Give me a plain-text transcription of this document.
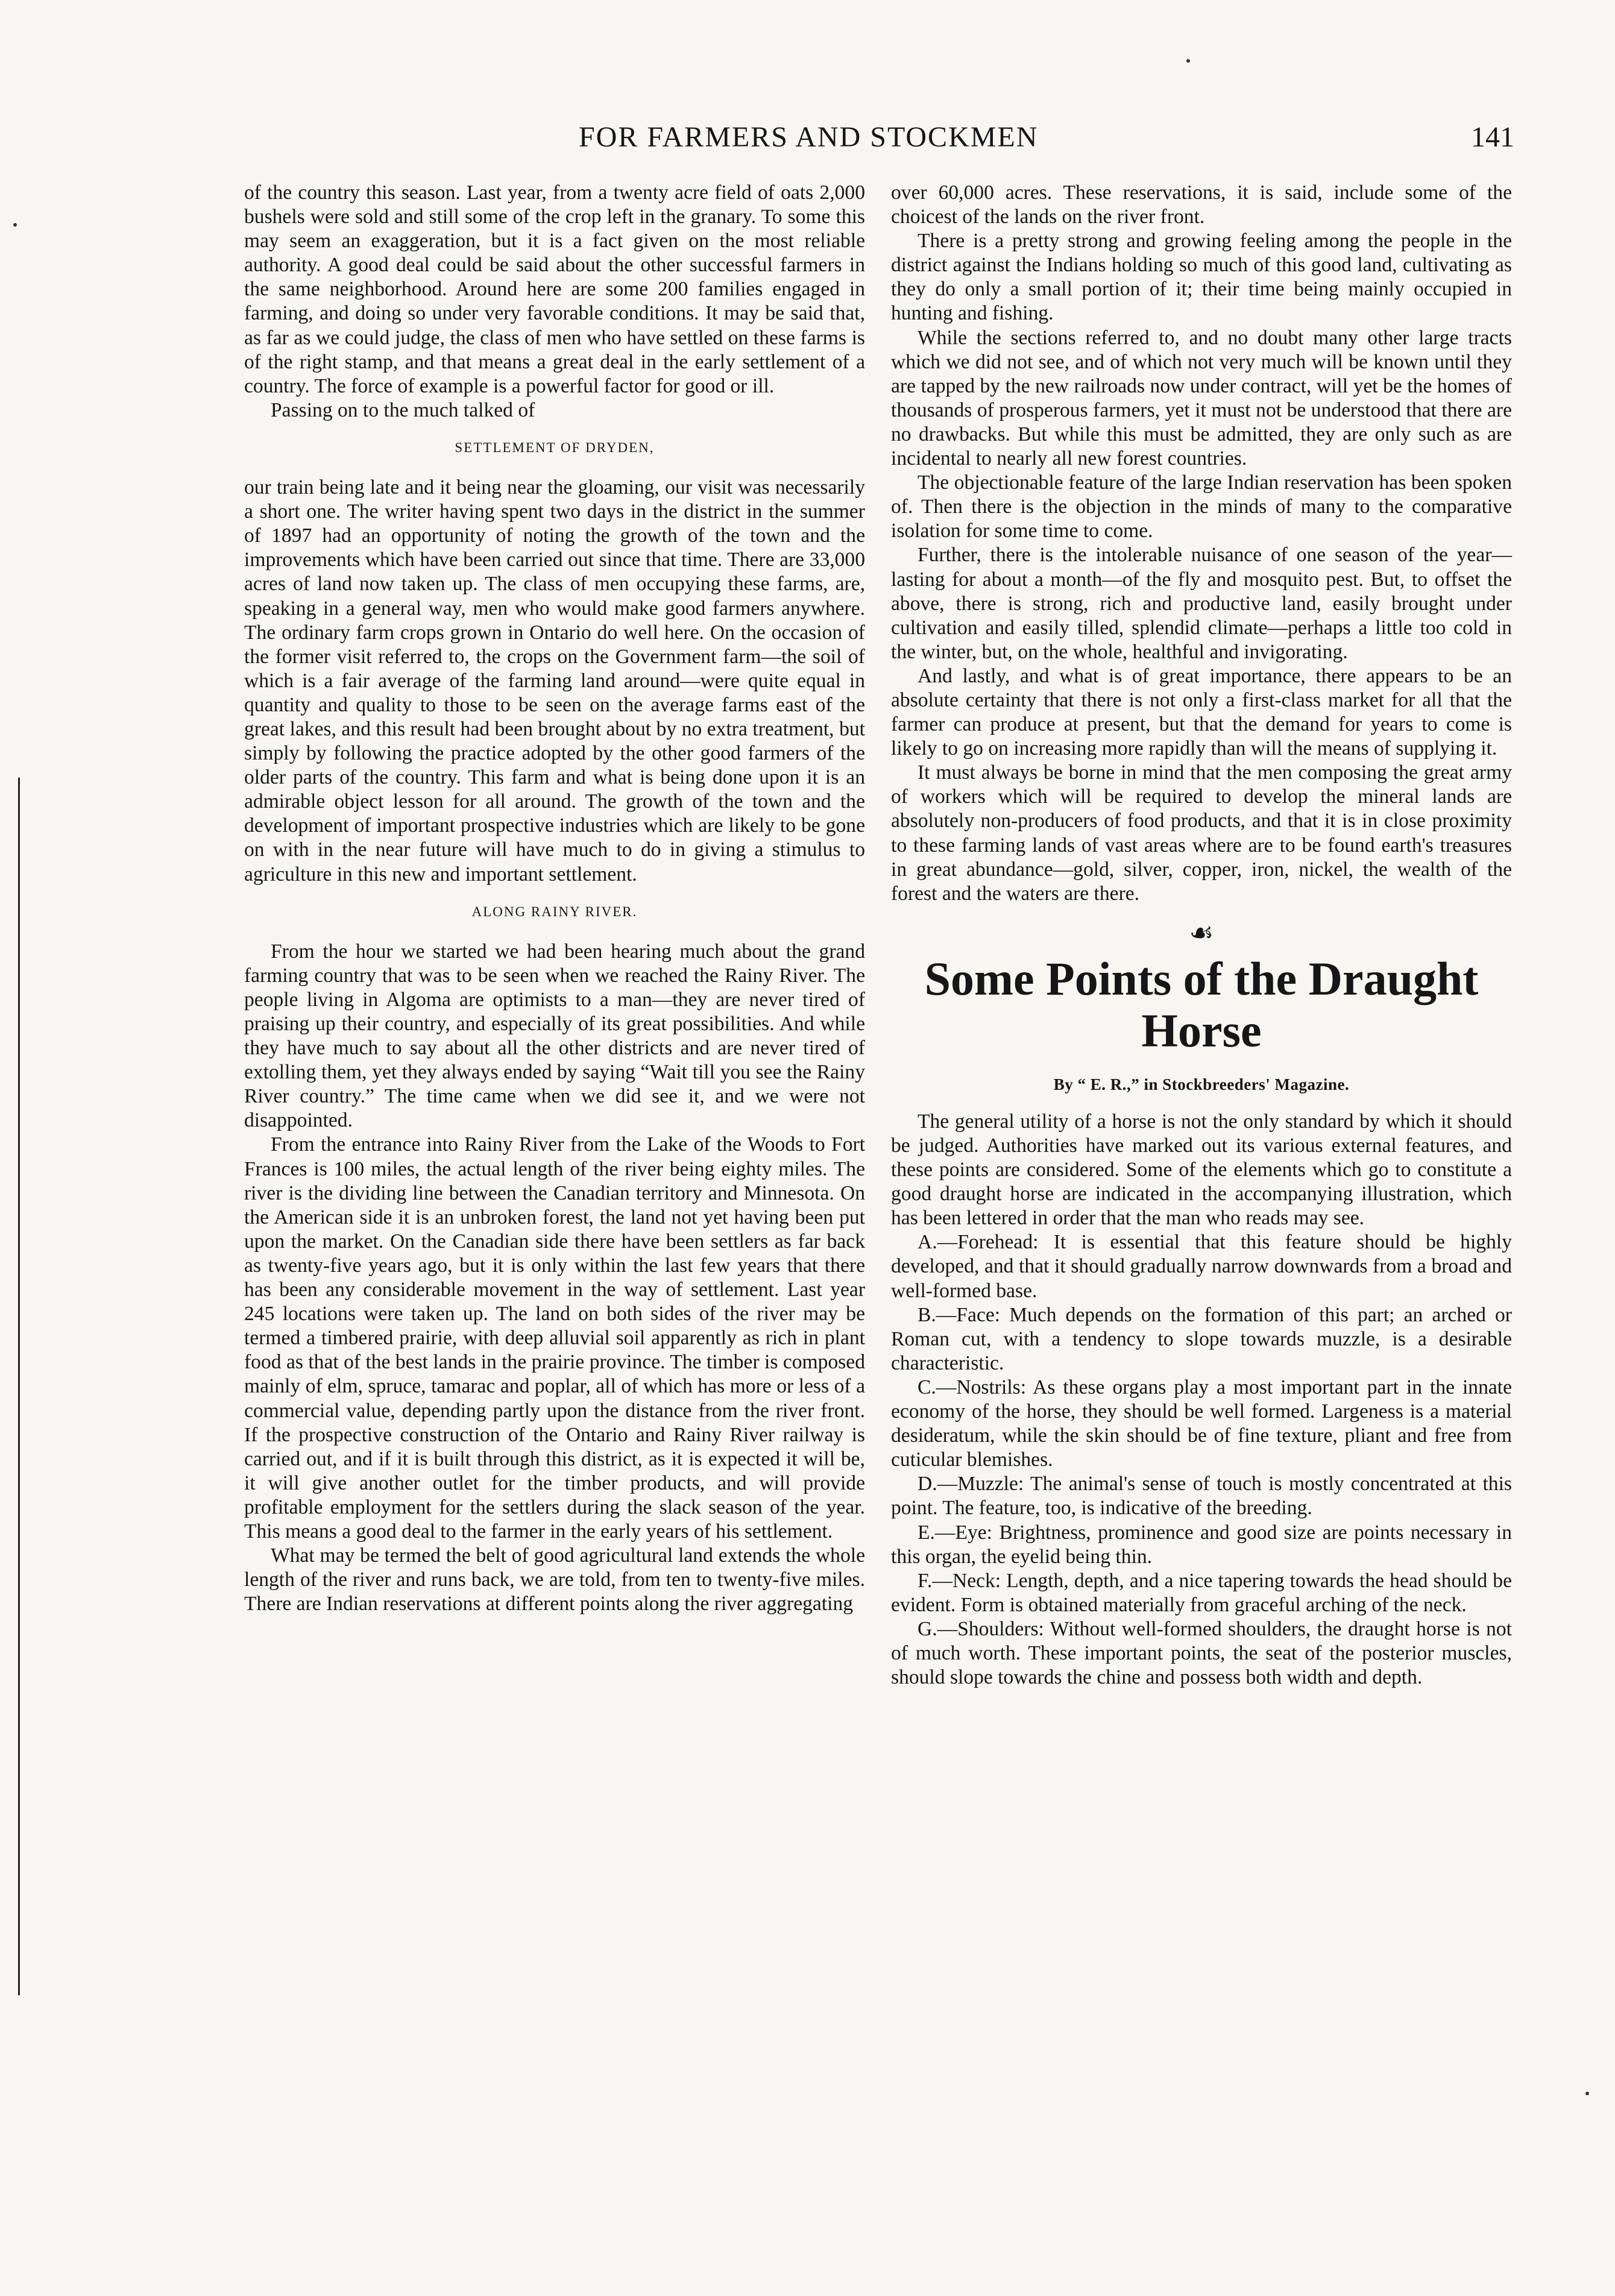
FOR FARMERS AND STOCKMEN	141

of the country this season. Last year, from a twenty acre field of oats 2,000 bushels were sold and still some of the crop left in the granary. To some this may seem an exaggeration, but it is a fact given on the most reliable authority. A good deal could be said about the other successful farmers in the same neighborhood. Around here are some 200 families engaged in farming, and doing so under very favorable conditions. It may be said that, as far as we could judge, the class of men who have settled on these farms is of the right stamp, and that means a great deal in the early settlement of a country. The force of example is a powerful factor for good or ill.

Passing on to the much talked of

SETTLEMENT OF DRYDEN,

our train being late and it being near the gloaming, our visit was necessarily a short one. The writer having spent two days in the district in the summer of 1897 had an opportunity of noting the growth of the town and the improvements which have been carried out since that time. There are 33,000 acres of land now taken up. The class of men occupying these farms, are, speaking in a general way, men who would make good farmers anywhere. The ordinary farm crops grown in Ontario do well here. On the occasion of the former visit referred to, the crops on the Government farm—the soil of which is a fair average of the farming land around—were quite equal in quantity and quality to those to be seen on the average farms east of the great lakes, and this result had been brought about by no extra treatment, but simply by following the practice adopted by the other good farmers of the older parts of the country. This farm and what is being done upon it is an admirable object lesson for all around. The growth of the town and the development of important prospective industries which are likely to be gone on with in the near future will have much to do in giving a stimulus to agriculture in this new and important settlement.

ALONG RAINY RIVER.

From the hour we started we had been hearing much about the grand farming country that was to be seen when we reached the Rainy River. The people living in Algoma are optimists to a man—they are never tired of praising up their country, and especially of its great possibilities. And while they have much to say about all the other districts and are never tired of extolling them, yet they always ended by saying “Wait till you see the Rainy River country.” The time came when we did see it, and we were not disappointed.

From the entrance into Rainy River from the Lake of the Woods to Fort Frances is 100 miles, the actual length of the river being eighty miles. The river is the dividing line between the Canadian territory and Minnesota. On the American side it is an unbroken forest, the land not yet having been put upon the market. On the Canadian side there have been settlers as far back as twenty-five years ago, but it is only within the last few years that there has been any considerable movement in the way of settlement. Last year 245 locations were taken up. The land on both sides of the river may be termed a timbered prairie, with deep alluvial soil apparently as rich in plant food as that of the best lands in the prairie province. The timber is composed mainly of elm, spruce, tamarac and poplar, all of which has more or less of a commercial value, depending partly upon the distance from the river front. If the prospective construction of the Ontario and Rainy River railway is carried out, and if it is built through this district, as it is expected it will be, it will give another outlet for the timber products, and will provide profitable employment for the settlers during the slack season of the year. This means a good deal to the farmer in the early years of his settlement.

What may be termed the belt of good agricultural land extends the whole length of the river and runs back, we are told, from ten to twenty-five miles. There are Indian reservations at different points along the river aggregating

over 60,000 acres. These reservations, it is said, include some of the choicest of the lands on the river front.

There is a pretty strong and growing feeling among the people in the district against the Indians holding so much of this good land, cultivating as they do only a small portion of it; their time being mainly occupied in hunting and fishing.

While the sections referred to, and no doubt many other large tracts which we did not see, and of which not very much will be known until they are tapped by the new railroads now under contract, will yet be the homes of thousands of prosperous farmers, yet it must not be understood that there are no drawbacks. But while this must be admitted, they are only such as are incidental to nearly all new forest countries.

The objectionable feature of the large Indian reservation has been spoken of. Then there is the objection in the minds of many to the comparative isolation for some time to come.

Further, there is the intolerable nuisance of one season of the year—lasting for about a month—of the fly and mosquito pest. But, to offset the above, there is strong, rich and productive land, easily brought under cultivation and easily tilled, splendid climate—perhaps a little too cold in the winter, but, on the whole, healthful and invigorating.

And lastly, and what is of great importance, there appears to be an absolute certainty that there is not only a first-class market for all that the farmer can produce at present, but that the demand for years to come is likely to go on increasing more rapidly than will the means of supplying it.

It must always be borne in mind that the men composing the great army of workers which will be required to develop the mineral lands are absolutely non-producers of food products, and that it is in close proximity to these farming lands of vast areas where are to be found earth's treasures in great abundance—gold, silver, copper, iron, nickel, the wealth of the forest and the waters are there.

☙
Some Points of the Draught Horse
By “ E. R.,” in Stockbreeders' Magazine.

The general utility of a horse is not the only standard by which it should be judged. Authorities have marked out its various external features, and these points are considered. Some of the elements which go to constitute a good draught horse are indicated in the accompanying illustration, which has been lettered in order that the man who reads may see.

A.—Forehead: It is essential that this feature should be highly developed, and that it should gradually narrow downwards from a broad and well-formed base.

B.—Face: Much depends on the formation of this part; an arched or Roman cut, with a tendency to slope towards muzzle, is a desirable characteristic.

C.—Nostrils: As these organs play a most important part in the innate economy of the horse, they should be well formed. Largeness is a material desideratum, while the skin should be of fine texture, pliant and free from cuticular blemishes.

D.—Muzzle: The animal's sense of touch is mostly concentrated at this point. The feature, too, is indicative of the breeding.

E.—Eye: Brightness, prominence and good size are points necessary in this organ, the eyelid being thin.

F.—Neck: Length, depth, and a nice tapering towards the head should be evident. Form is obtained materially from graceful arching of the neck.

G.—Shoulders: Without well-formed shoulders, the draught horse is not of much worth. These important points, the seat of the posterior muscles, should slope towards the chine and possess both width and depth.
